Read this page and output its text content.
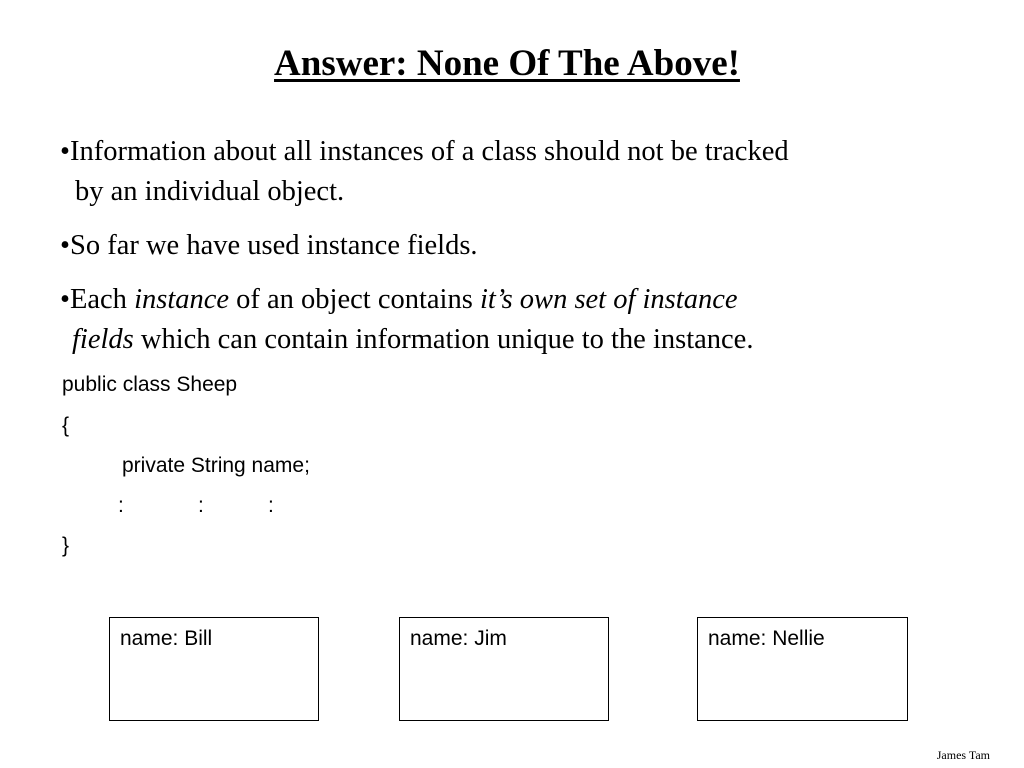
Answer: None Of The Above!
•Information about all instances of a class should not be tracked
by an individual object.
•So far we have used instance fields.
•Each instance of an object contains it’s own set of instance
fields which can contain information unique to the instance.
public class Sheep
{
private String name;
:	:	:
}
name: Bill	name: Jim	name: Nellie
James Tam
